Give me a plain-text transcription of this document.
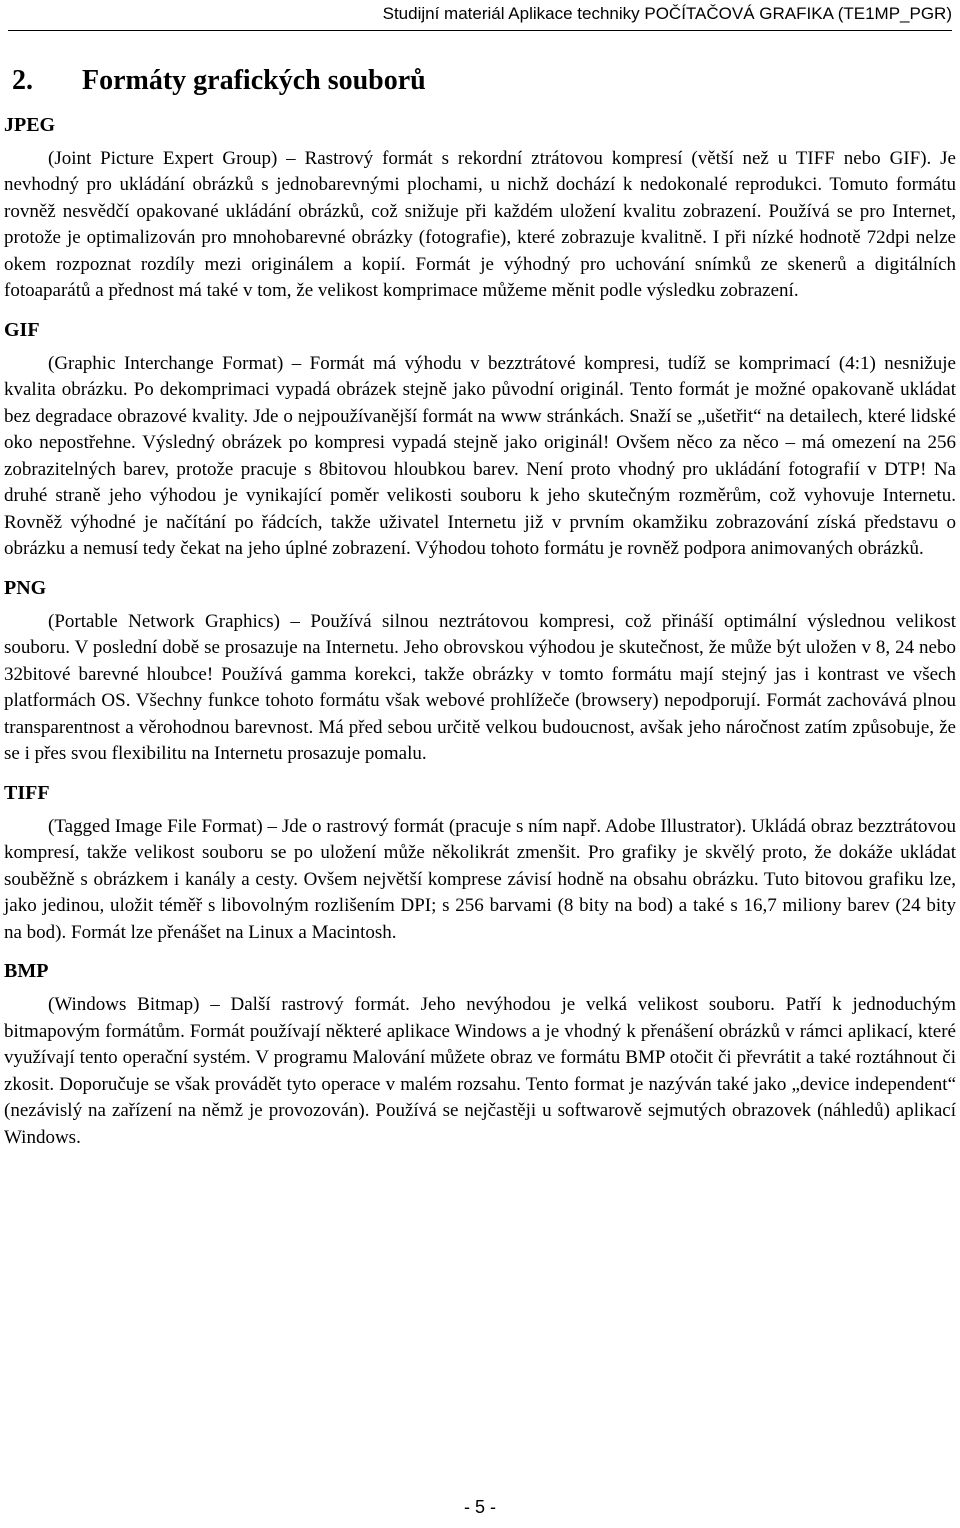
Studijní materiál Aplikace techniky POČÍTAČOVÁ GRAFIKA (TE1MP_PGR)
2. Formáty grafických souborů
JPEG

(Joint Picture Expert Group) – Rastrový formát s rekordní ztrátovou kompresí (větší než u TIFF nebo GIF). Je nevhodný pro ukládání obrázků s jednobarevnými plochami, u nichž dochází k nedokonalé reprodukci. Tomuto formátu rovněž nesvědčí opakované ukládání obrázků, což snižuje při každém uložení kvalitu zobrazení. Používá se pro Internet, protože je optimalizován pro mnohobarevné obrázky (fotografie), které zobrazuje kvalitně. I při nízké hodnotě 72dpi nelze okem rozpoznat rozdíly mezi originálem a kopií. Formát je výhodný pro uchování snímků ze skenerů a digitálních fotoaparátů a přednost má také v tom, že velikost komprimace můžeme měnit podle výsledku zobrazení.

GIF

(Graphic Interchange Format) – Formát má výhodu v bezztrátové kompresi, tudíž se komprimací (4:1) nesnižuje kvalita obrázku. Po dekomprimaci vypadá obrázek stejně jako původní originál. Tento formát je možné opakovaně ukládat bez degradace obrazové kvality. Jde o nejpoužívanější formát na www stránkách. Snaží se „ušetřit“ na detailech, které lidské oko nepostřehne. Výsledný obrázek po kompresi vypadá stejně jako originál! Ovšem něco za něco – má omezení na 256 zobrazitelných barev, protože pracuje s 8bitovou hloubkou barev. Není proto vhodný pro ukládání fotografií v DTP! Na druhé straně jeho výhodou je vynikající poměr velikosti souboru k jeho skutečným rozměrům, což vyhovuje Internetu. Rovněž výhodné je načítání po řádcích, takže uživatel Internetu již v prvním okamžiku zobrazování získá představu o obrázku a nemusí tedy čekat na jeho úplné zobrazení. Výhodou tohoto formátu je rovněž podpora animovaných obrázků.

PNG

(Portable Network Graphics) – Používá silnou neztrátovou kompresi, což přináší optimální výslednou velikost souboru. V poslední době se prosazuje na Internetu. Jeho obrovskou výhodou je skutečnost, že může být uložen v 8, 24 nebo 32bitové barevné hloubce! Používá gamma korekci, takže obrázky v tomto formátu mají stejný jas i kontrast ve všech platformách OS. Všechny funkce tohoto formátu však webové prohlížeče (browsery) nepodporují. Formát zachovává plnou transparentnost a věrohodnou barevnost. Má před sebou určitě velkou budoucnost, avšak jeho náročnost zatím způsobuje, že se i přes svou flexibilitu na Internetu prosazuje pomalu.

TIFF

(Tagged Image File Format) – Jde o rastrový formát (pracuje s ním např. Adobe Illustrator). Ukládá obraz bezztrátovou kompresí, takže velikost souboru se po uložení může několikrát zmenšit. Pro grafiky je skvělý proto, že dokáže ukládat souběžně s obrázkem i kanály a cesty. Ovšem největší komprese závisí hodně na obsahu obrázku. Tuto bitovou grafiku lze, jako jedinou, uložit téměř s libovolným rozlišením DPI; s 256 barvami (8 bity na bod) a také s 16,7 miliony barev (24 bity na bod). Formát lze přenášet na Linux a Macintosh.

BMP

(Windows Bitmap) – Další rastrový formát. Jeho nevýhodou je velká velikost souboru. Patří k jednoduchým bitmapovým formátům. Formát používají některé aplikace Windows a je vhodný k přenášení obrázků v rámci aplikací, které využívají tento operační systém. V programu Malování můžete obraz ve formátu BMP otočit či převrátit a také roztáhnout či zkosit. Doporučuje se však provádět tyto operace v malém rozsahu. Tento format je nazýván také jako „device independent“ (nezávislý na zařízení na němž je provozován). Používá se nejčastěji u softwarově sejmutých obrazovek (náhledů) aplikací Windows.

- 5 -
